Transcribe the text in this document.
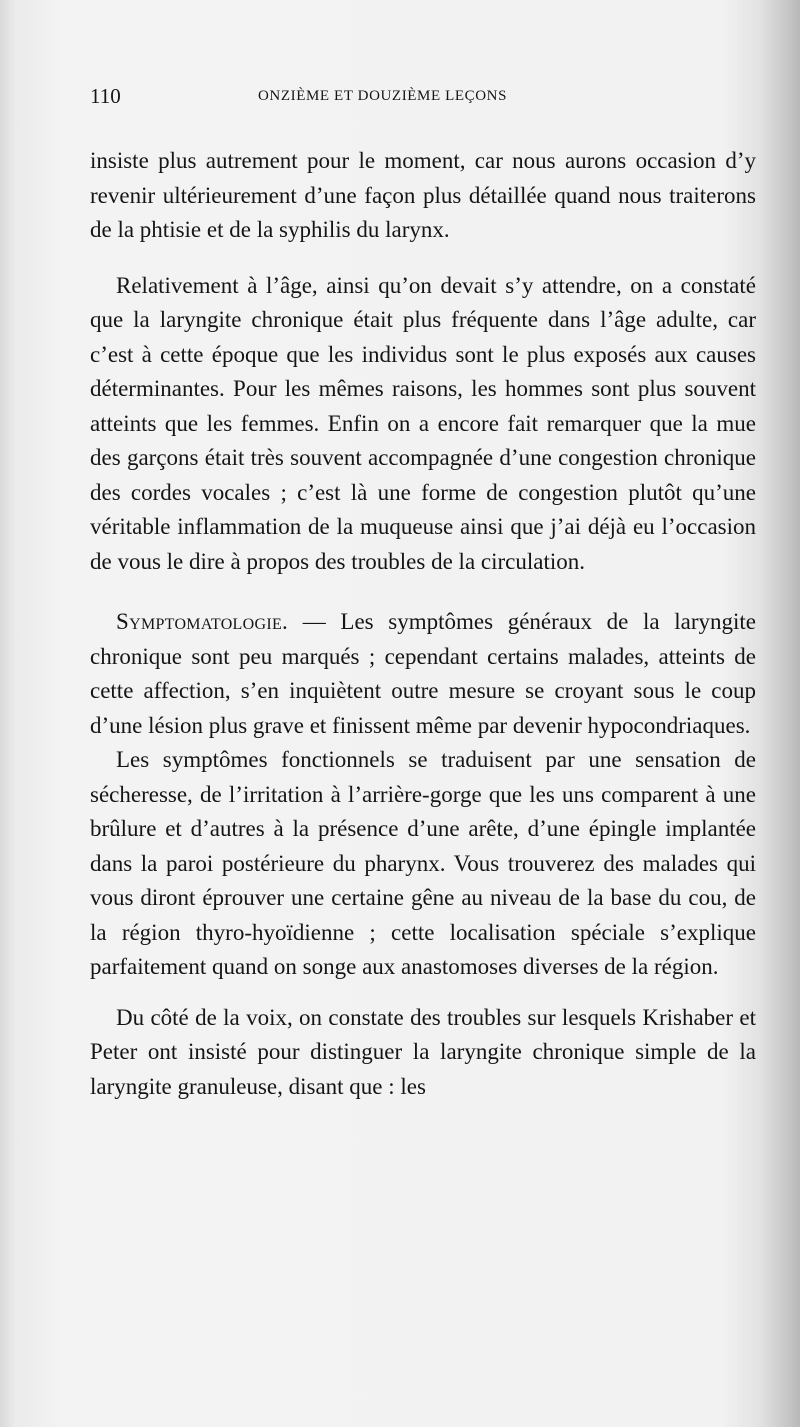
110	ONZIÈME ET DOUZIÈME LEÇONS

insiste plus autrement pour le moment, car nous aurons occasion d’y revenir ultérieurement d’une façon plus détaillée quand nous traiterons de la phtisie et de la syphilis du larynx.

Relativement à l’âge, ainsi qu’on devait s’y attendre, on a constaté que la laryngite chronique était plus fréquente dans l’âge adulte, car c’est à cette époque que les individus sont le plus exposés aux causes déterminantes. Pour les mêmes raisons, les hommes sont plus souvent atteints que les femmes. Enfin on a encore fait remarquer que la mue des garçons était très souvent accompagnée d’une congestion chronique des cordes vocales ; c’est là une forme de congestion plutôt qu’une véritable inflammation de la muqueuse ainsi que j’ai déjà eu l’occasion de vous le dire à propos des troubles de la circulation.

Symptomatologie. — Les symptômes généraux de la laryngite chronique sont peu marqués ; cependant certains malades, atteints de cette affection, s’en inquiètent outre mesure se croyant sous le coup d’une lésion plus grave et finissent même par devenir hypocondriaques.

Les symptômes fonctionnels se traduisent par une sensation de sécheresse, de l’irritation à l’arrière-gorge que les uns comparent à une brûlure et d’autres à la présence d’une arête, d’une épingle implantée dans la paroi postérieure du pharynx. Vous trouverez des malades qui vous diront éprouver une certaine gêne au niveau de la base du cou, de la région thyro-hyoïdienne ; cette localisation spéciale s’explique parfaitement quand on songe aux anastomoses diverses de la région.

Du côté de la voix, on constate des troubles sur lesquels Krishaber et Peter ont insisté pour distinguer la laryngite chronique simple de la laryngite granuleuse, disant que : les
